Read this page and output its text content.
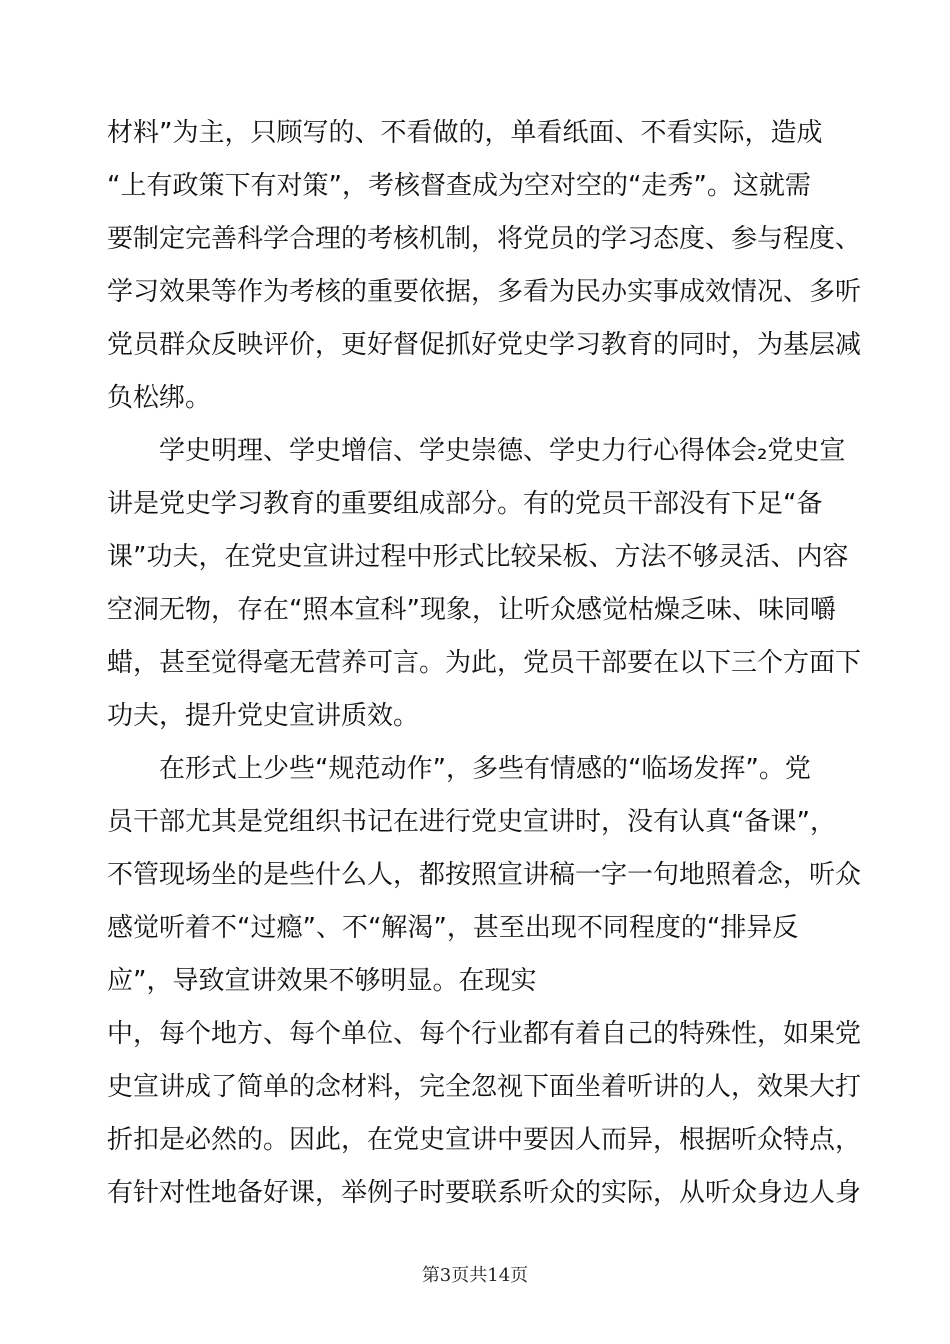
材料”为主，只顾写的、不看做的，单看纸面、不看实际，造成
“上有政策下有对策”，考核督查成为空对空的“走秀”。这就需
要制定完善科学合理的考核机制，将党员的学习态度、参与程度、
学习效果等作为考核的重要依据，多看为民办实事成效情况、多听
党员群众反映评价，更好督促抓好党史学习教育的同时，为基层减
负松绑。
学史明理、学史增信、学史崇德、学史力行心得体会₂党史宣
讲是党史学习教育的重要组成部分。有的党员干部没有下足“备
课”功夫，在党史宣讲过程中形式比较呆板、方法不够灵活、内容
空洞无物，存在“照本宣科”现象，让听众感觉枯燥乏味、味同嚼
蜡，甚至觉得毫无营养可言。为此，党员干部要在以下三个方面下
功夫，提升党史宣讲质效。
在形式上少些“规范动作”，多些有情感的“临场发挥”。党
员干部尤其是党组织书记在进行党史宣讲时，没有认真“备课”，
不管现场坐的是些什么人，都按照宣讲稿一字一句地照着念，听众
感觉听着不“过瘾”、不“解渴”，甚至出现不同程度的“排异反
应”，导致宣讲效果不够明显。在现实
中，每个地方、每个单位、每个行业都有着自己的特殊性，如果党
史宣讲成了简单的念材料，完全忽视下面坐着听讲的人，效果大打
折扣是必然的。因此，在党史宣讲中要因人而异，根据听众特点，
有针对性地备好课，举例子时要联系听众的实际，从听众身边人身
第3页共14页
